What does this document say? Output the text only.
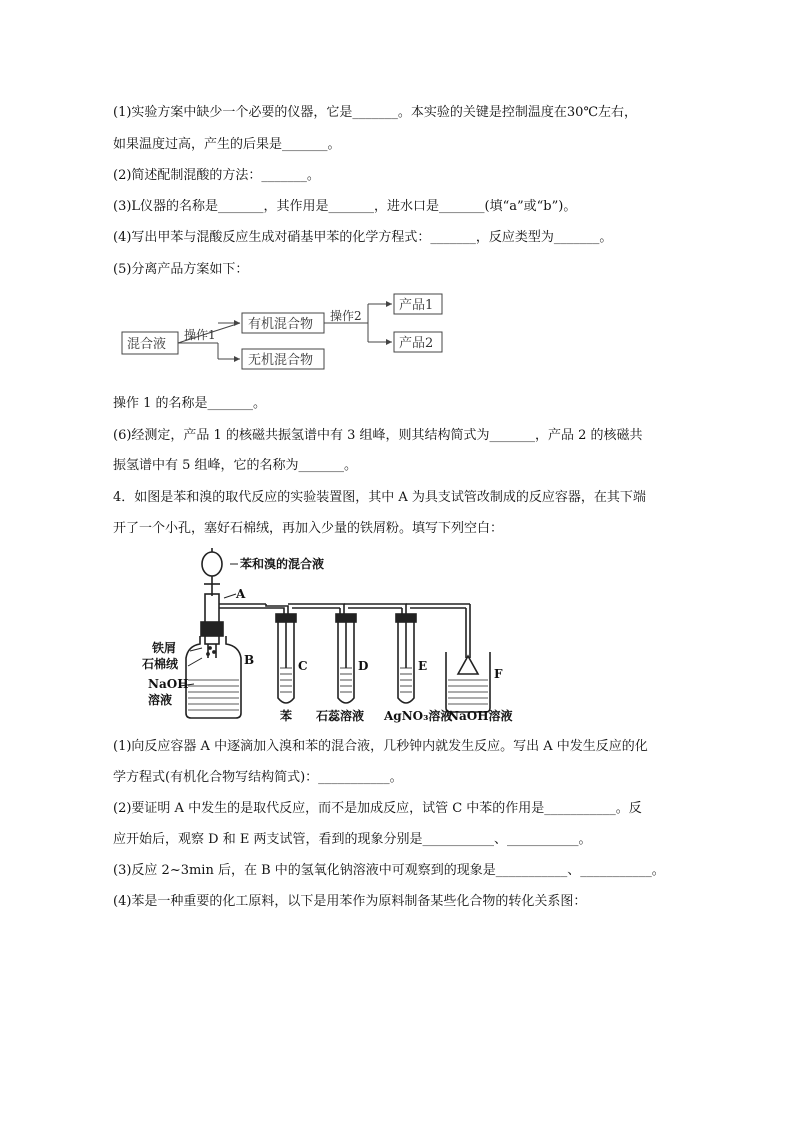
(1)实验方案中缺少一个必要的仪器，它是_______。本实验的关键是控制温度在30℃左右，
如果温度过高，产生的后果是_______。
(2)简述配制混酸的方法：_______。
(3)L仪器的名称是_______，其作用是_______，进水口是_______(填“a”或“b”)。
(4)写出甲苯与混酸反应生成对硝基甲苯的化学方程式：_______，反应类型为_______。
(5)分离产品方案如下：
混合液
操作1
有机混合物
无机混合物
操作2
产品1
产品2
操作 1 的名称是_______。
(6)经测定，产品 1 的核磁共振氢谱中有 3 组峰，则其结构简式为_______，产品 2 的核磁共
振氢谱中有 5 组峰，它的名称为_______。
4．如图是苯和溴的取代反应的实验装置图，其中 A 为具支试管改制成的反应容器，在其下端
开了一个小孔，塞好石棉绒，再加入少量的铁屑粉。填写下列空白：
苯和溴的混合液
A
铁屑
石棉绒
NaOH
溶液
B	C	D	E
F
苯 石蕊溶液 AgNO₃溶液
NaOH溶液
(1)向反应容器 A 中逐滴加入溴和苯的混合液，几秒钟内就发生反应。写出 A 中发生反应的化
学方程式(有机化合物写结构简式)：___________。
(2)要证明 A 中发生的是取代反应，而不是加成反应，试管 C 中苯的作用是___________。反
应开始后，观察 D 和 E 两支试管，看到的现象分别是___________、___________。
(3)反应 2~3min 后，在 B 中的氢氧化钠溶液中可观察到的现象是___________、___________。
(4)苯是一种重要的化工原料，以下是用苯作为原料制备某些化合物的转化关系图：
